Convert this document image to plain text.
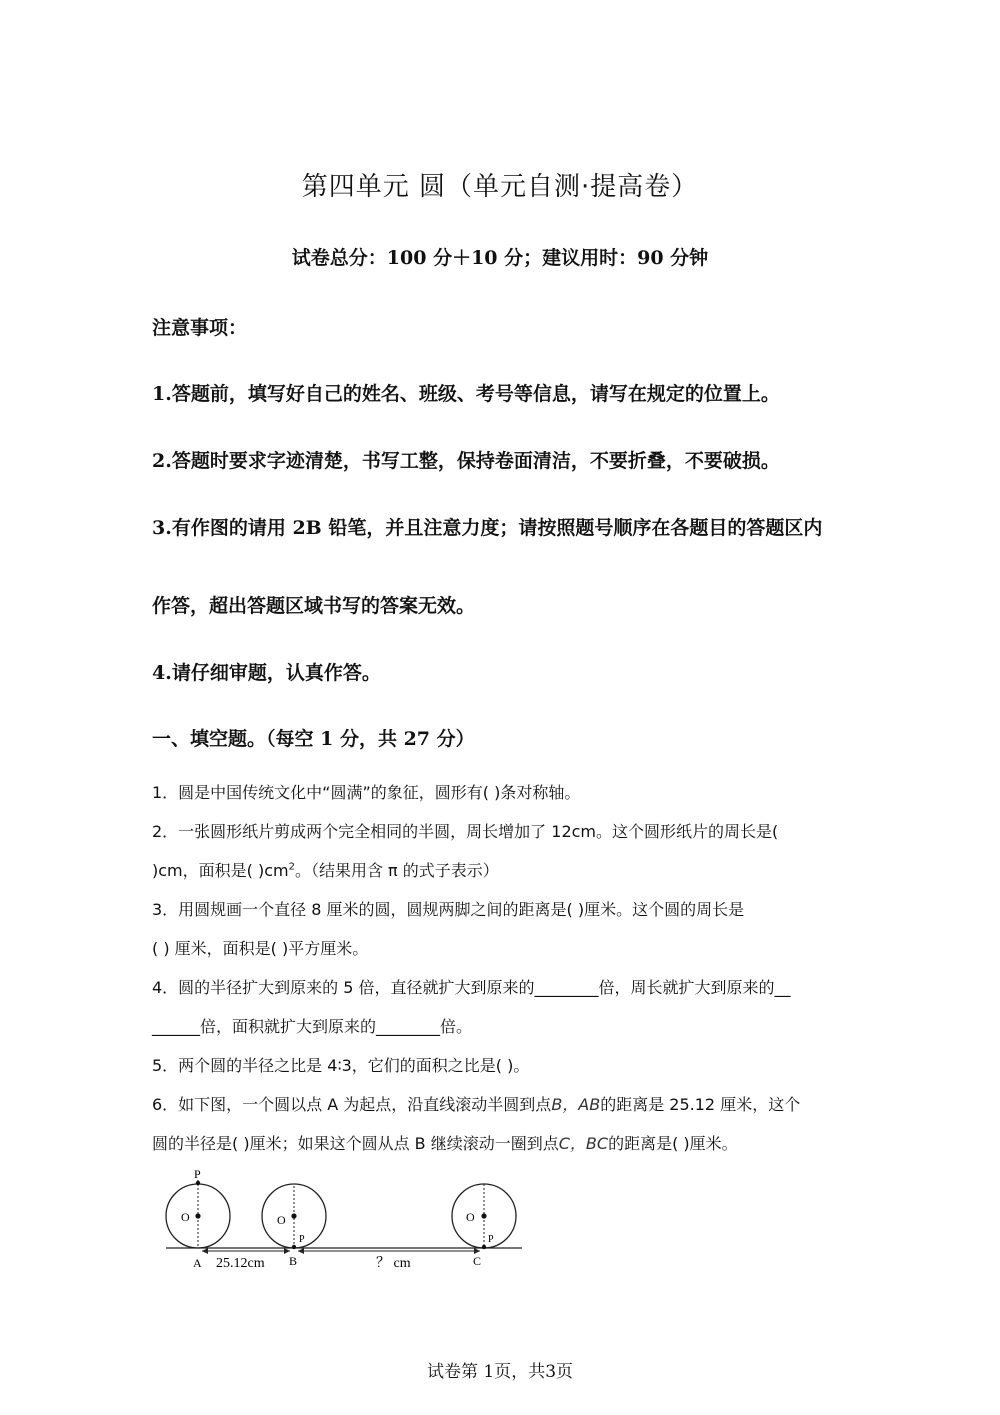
第四单元 圆（单元自测·提高卷）
试卷总分：100 分＋10 分；建议用时：90 分钟
注意事项：
1.答题前，填写好自己的姓名、班级、考号等信息，请写在规定的位置上。
2.答题时要求字迹清楚，书写工整，保持卷面清洁，不要折叠，不要破损。
3.有作图的请用 2B 铅笔，并且注意力度；请按照题号顺序在各题目的答题区内
作答，超出答题区域书写的答案无效。
4.请仔细审题，认真作答。
一、填空题。（每空 1 分，共 27 分）
1．圆是中国传统文化中“圆满”的象征，圆形有( )条对称轴。
2．一张圆形纸片剪成两个完全相同的半圆，周长增加了 12cm。这个圆形纸片的周长是(
)cm，面积是( )$cm^2$。（结果用含 π 的式子表示）
3．用圆规画一个直径 8 厘米的圆，圆规两脚之间的距离是( )厘米。这个圆的周长是
( ) 厘米，面积是( )平方厘米。
4．圆的半径扩大到原来的 5 倍，直径就扩大到原来的________倍，周长就扩大到原来的__
______倍，面积就扩大到原来的________倍。
5．两个圆的半径之比是 4∶3，它们的面积之比是( )。
6．如下图，一个圆以点 A 为起点，沿直线滚动半圆到点B，AB的距离是 25.12 厘米，这个
圆的半径是( )厘米；如果这个圆从点 B 继续滚动一圈到点C，BC的距离是( )厘米。
P
O	O
P
O
P
A	B	C
25.12cm	？ cm
试卷第 1页，共3页
